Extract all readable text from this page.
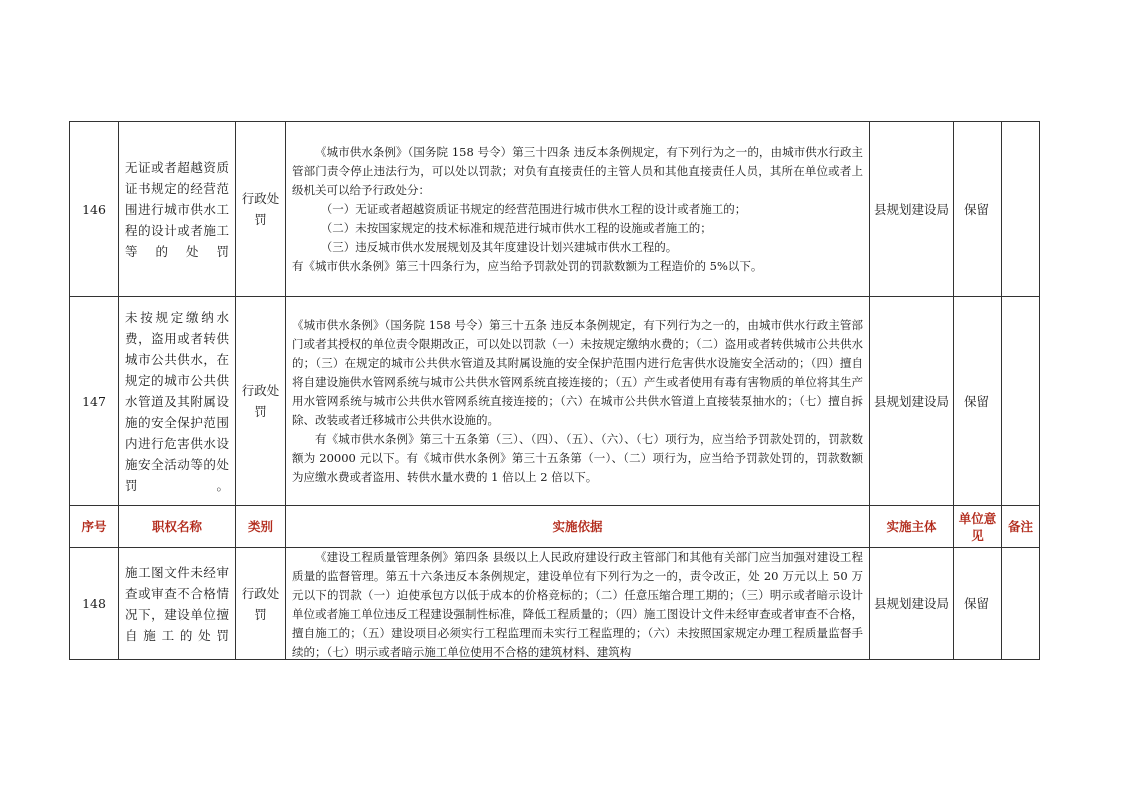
146	无证或者超越资质证书规定的经营范围进行城市供水工程的设计或者施工等的处罚	行政处罚	《城市供水条例》（国务院 158 号令）第三十四条 违反本条例规定，有下列行为之一的，由城市供水行政主管部门责令停止违法行为，可以处以罚款；对负有直接责任的主管人员和其他直接责任人员，其所在单位或者上级机关可以给予行政处分：

（一）无证或者超越资质证书规定的经营范围进行城市供水工程的设计或者施工的；

（二）未按国家规定的技术标准和规范进行城市供水工程的设施或者施工的；

（三）违反城市供水发展规划及其年度建设计划兴建城市供水工程的。

有《城市供水条例》第三十四条行为，应当给予罚款处罚的罚款数额为工程造价的 5%以下。	县规划建设局	保留	
147	未按规定缴纳水费，盗用或者转供城市公共供水，在规定的城市公共供水管道及其附属设施的安全保护范围内进行危害供水设施安全活动等的处罚。	行政处罚	《城市供水条例》（国务院 158 号令）第三十五条 违反本条例规定，有下列行为之一的，由城市供水行政主管部门或者其授权的单位责令限期改正，可以处以罚款（一）未按规定缴纳水费的；（二）盗用或者转供城市公共供水的；（三）在规定的城市公共供水管道及其附属设施的安全保护范围内进行危害供水设施安全活动的；（四）擅自将自建设施供水管网系统与城市公共供水管网系统直接连接的；（五）产生或者使用有毒有害物质的单位将其生产用水管网系统与城市公共供水管网系统直接连接的；（六）在城市公共供水管道上直接装泵抽水的；（七）擅自拆除、改装或者迁移城市公共供水设施的。

有《城市供水条例》第三十五条第（三）、（四）、（五）、（六）、（七）项行为，应当给予罚款处罚的，罚款数额为 20000 元以下。有《城市供水条例》第三十五条第（一）、（二）项行为，应当给予罚款处罚的，罚款数额为应缴水费或者盗用、转供水量水费的 1 倍以上 2 倍以下。	县规划建设局	保留	
序号	职权名称	类别	实施依据	实施主体	单位意见	备注
148	施工图文件未经审查或审查不合格情况下，建设单位擅自施工的处罚	行政处罚	《建设工程质量管理条例》第四条 县级以上人民政府建设行政主管部门和其他有关部门应当加强对建设工程质量的监督管理。第五十六条违反本条例规定，建设单位有下列行为之一的，责令改正，处 20 万元以上 50 万元以下的罚款（一）迫使承包方以低于成本的价格竞标的；（二）任意压缩合理工期的；（三）明示或者暗示设计单位或者施工单位违反工程建设强制性标准，降低工程质量的；（四）施工图设计文件未经审查或者审查不合格，擅自施工的；（五）建设项目必须实行工程监理而未实行工程监理的；（六）未按照国家规定办理工程质量监督手续的；（七）明示或者暗示施工单位使用不合格的建筑材料、建筑构	县规划建设局	保留	
